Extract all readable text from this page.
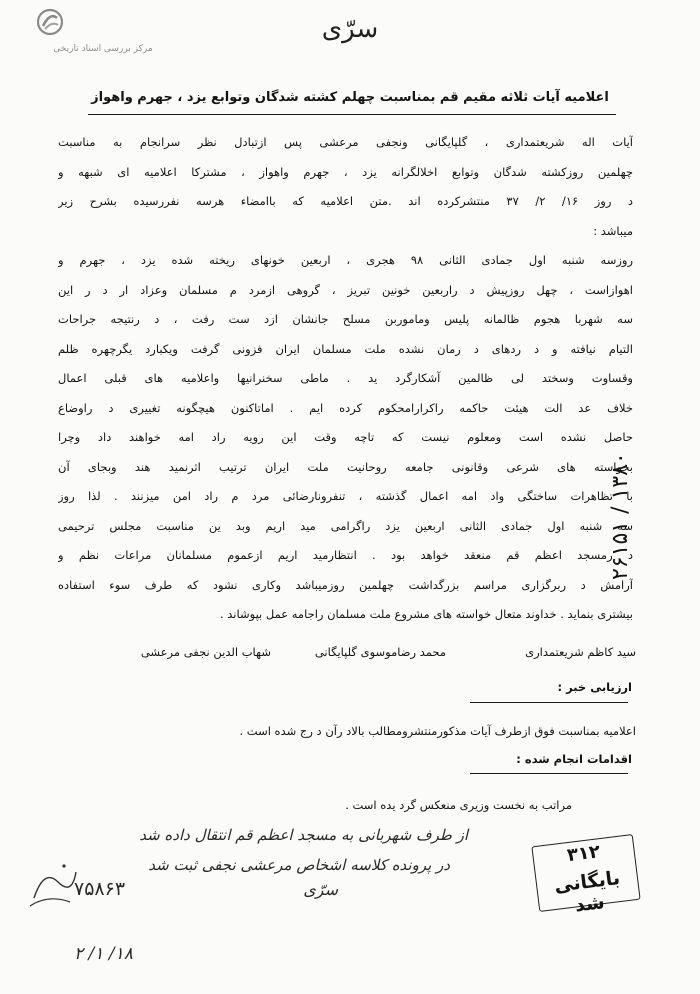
مرکز بررسی اسناد تاریخی
سرّی
اعلامیه آیات ثلاثه مقیم قم بمناسبت چهلم کشته شدگان وتوابع یزد ، جهرم واهواز
آیات اله شریعتمداری ، گلپایگانی ونجفی مرعشی پس ازتبادل نظر سرانجام به مناسبت
چهلمین روزکشته شدگان وتوابع اخلالگرانه یزد ، جهرم واهواز ، مشترکا اعلامیه ای شبهه و
د روز ۱۶/ ۲/ ۳۷ منتشرکرده اند .متن اعلامیه که باامضاء هرسه نفررسیده بشرح زیر
میباشد :
روزسه شنبه اول جمادی الثانی ۹۸ هجری ، اربعین خونهای ریخته شده یزد ، جهرم و
اهوازاست ، چهل روزپیش د راربعین خونین تبریز ، گروهی ازمرد م مسلمان وعزاد ار د ر این
سه شهربا هجوم ظالمانه پلیس وماموربن مسلح جانشان ازد ست رفت ، د رنتیجه جراحات
التیام نیافته و د ردهای د رمان نشده ملت مسلمان ایران فزونی گرفت ویکبارد یگرچهره ظلم
وقساوت وسختد لی ظالمین آشکارگرد ید . ماطی سخنرانیها واعلامیه های قبلی اعمال
خلاف عد الت هیئت حاکمه راکرارامحکوم کرده ایم . اماتاکنون هیچگونه تغییری د راوضاع
حاصل نشده است ومعلوم نیست که تاچه وقت این رویه راد امه خواهند داد وچرا
بخواسته های شرعی وقانونی جامعه روحانیت ملت ایران ترتیب اثرنمید هند وبجای آن
با تظاهرات ساختگی واد امه اعمال گذشته ، تنفرونارضائی مرد م راد امن میزنند . لذا روز
سه شنبه اول جمادی الثانی اربعین یزد راگرامی مید اریم وبد ین مناسبت مجلس ترحیمی
د رمسجد اعظم قم منعقد خواهد بود . انتظارمید اریم ازعموم مسلمانان مراعات نظم و
آرامش د ربرگزاری مراسم بزرگداشت چهلمین روزمیباشد وکاری نشود که طرف سوء استفاده
بیشتری بنماید . خداوند متعال خواسته های مشروع ملت مسلمان راجامه عمل بپوشاند .
سید کاظم شریعتمداری
محمد رضاموسوی گلپایگانی
شهاب الدین نجفی مرعشی
ارزیابی خبر :
اعلامیه بمناسبت فوق ازطرف آیات مذکورمنتشرومطالب بالاد رآن د رج شده است .
اقدامات انجام شده :
مراتب به نخست وزیری منعکس گرد یده است .
از طرف شهربانی به مسجد اعظم قم انتقال داده شد
در پرونده کلاسه اشخاص مرعشی نجفی ثبت شد
سرّی
۷۵۸۶۳
۱۸/ ۱/ ۲
۳۱۲
بایگانی شد
۲۶۱۵۱ / ۱۳۸۰
